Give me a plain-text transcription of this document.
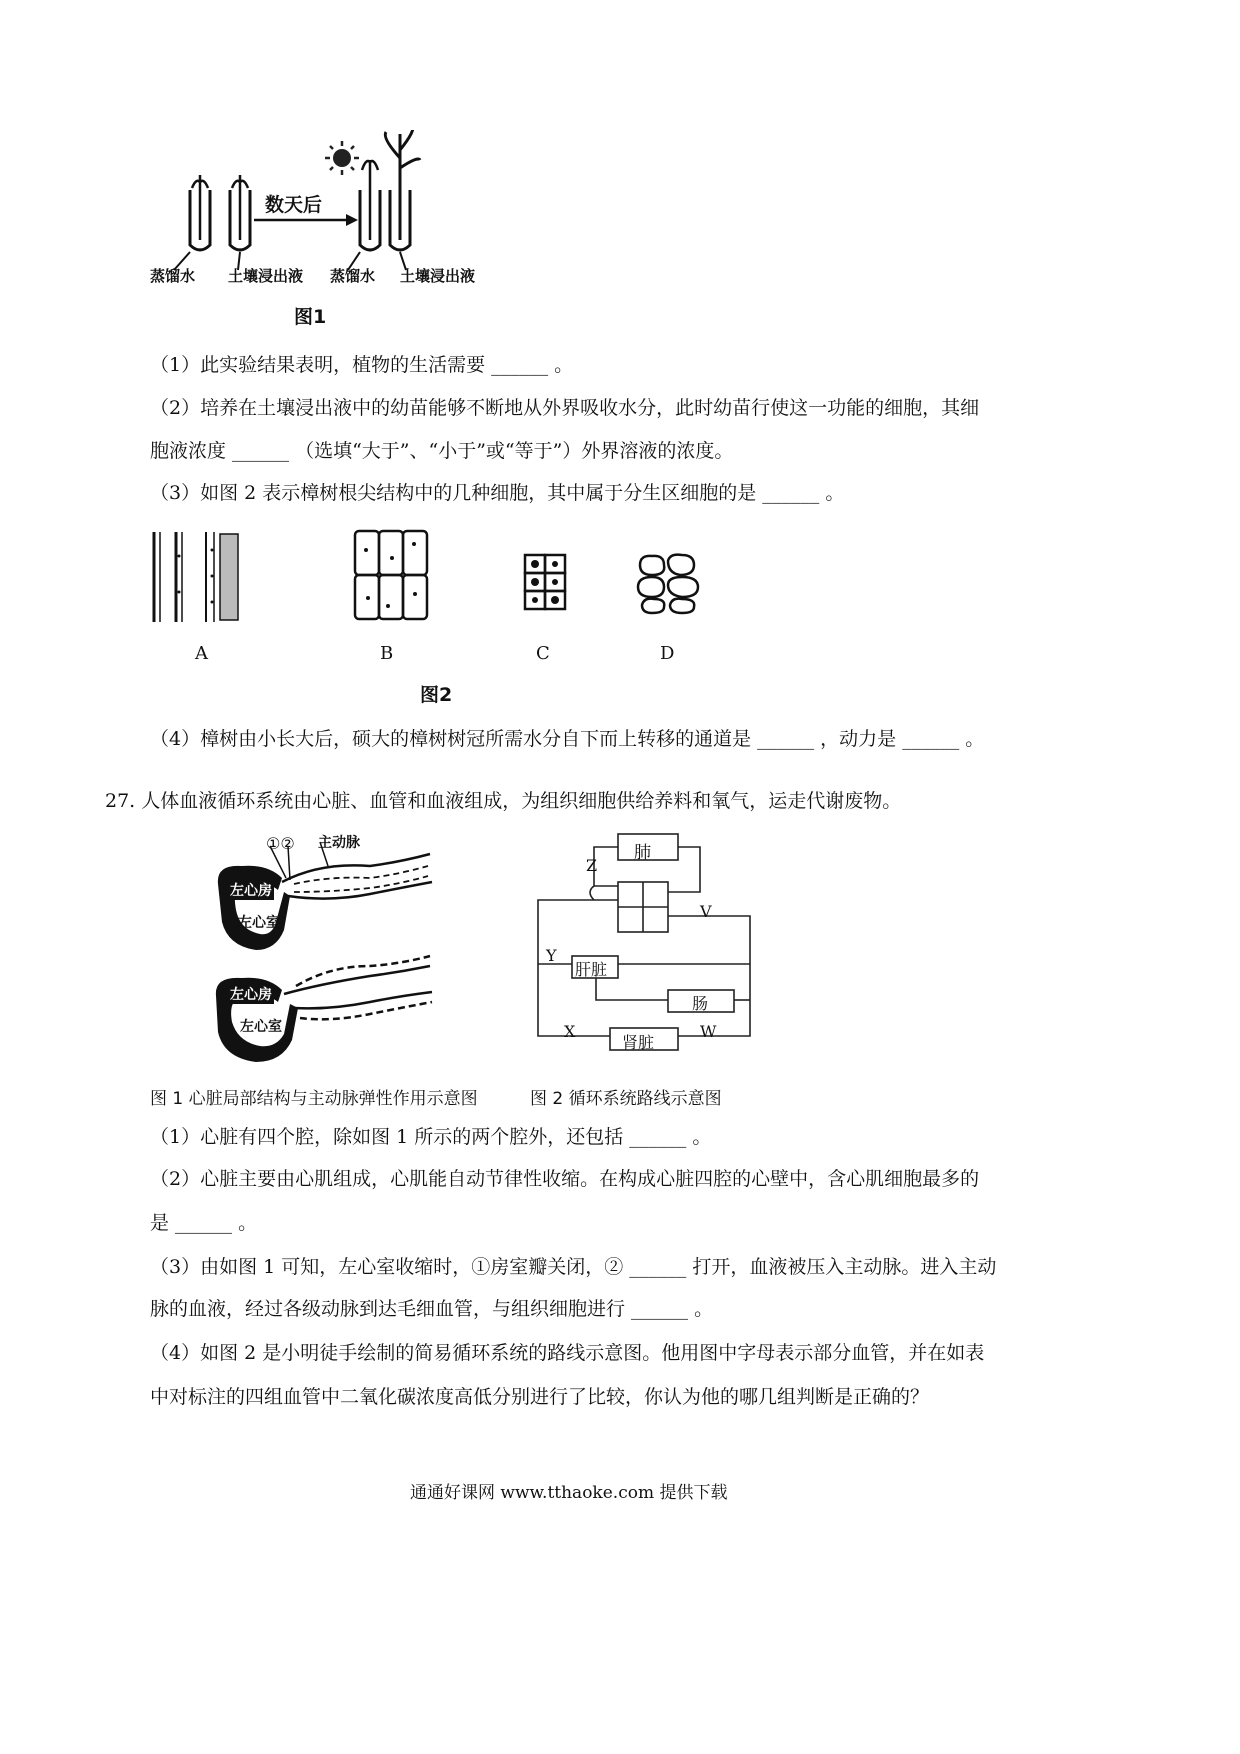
数天后
蒸馏水 土壤浸出液 蒸馏水 土壤浸出液
图1
（1）此实验结果表明，植物的生活需要 ______ 。
（2）培养在土壤浸出液中的幼苗能够不断地从外界吸收水分，此时幼苗行使这一功能的细胞，其细
胞液浓度 ______ （选填“大于”、“小于”或“等于”）外界溶液的浓度。
（3）如图 2 表示樟树根尖结构中的几种细胞，其中属于分生区细胞的是 ______ 。
A	B	C	D
图2
（4）樟树由小长大后，硕大的樟树树冠所需水分自下而上转移的通道是 ______ ，动力是 ______ 。
27. 人体血液循环系统由心脏、血管和血液组成，为组织细胞供给养料和氧气，运走代谢废物。
①② 主动脉
左心房
左心室
左心房
左心室
肺
Z
V
Y
肝脏
肠
X	W
肾脏
图 1 心脏局部结构与主动脉弹性作用示意图	图 2 循环系统路线示意图
（1）心脏有四个腔，除如图 1 所示的两个腔外，还包括 ______ 。
（2）心脏主要由心肌组成，心肌能自动节律性收缩。在构成心脏四腔的心壁中，含心肌细胞最多的
是 ______ 。
（3）由如图 1 可知，左心室收缩时，①房室瓣关闭，② ______ 打开，血液被压入主动脉。进入主动
脉的血液，经过各级动脉到达毛细血管，与组织细胞进行 ______ 。
（4）如图 2 是小明徒手绘制的简易循环系统的路线示意图。他用图中字母表示部分血管，并在如表
中对标注的四组血管中二氧化碳浓度高低分别进行了比较，你认为他的哪几组判断是正确的？
通通好课网 www.tthaoke.com 提供下载
